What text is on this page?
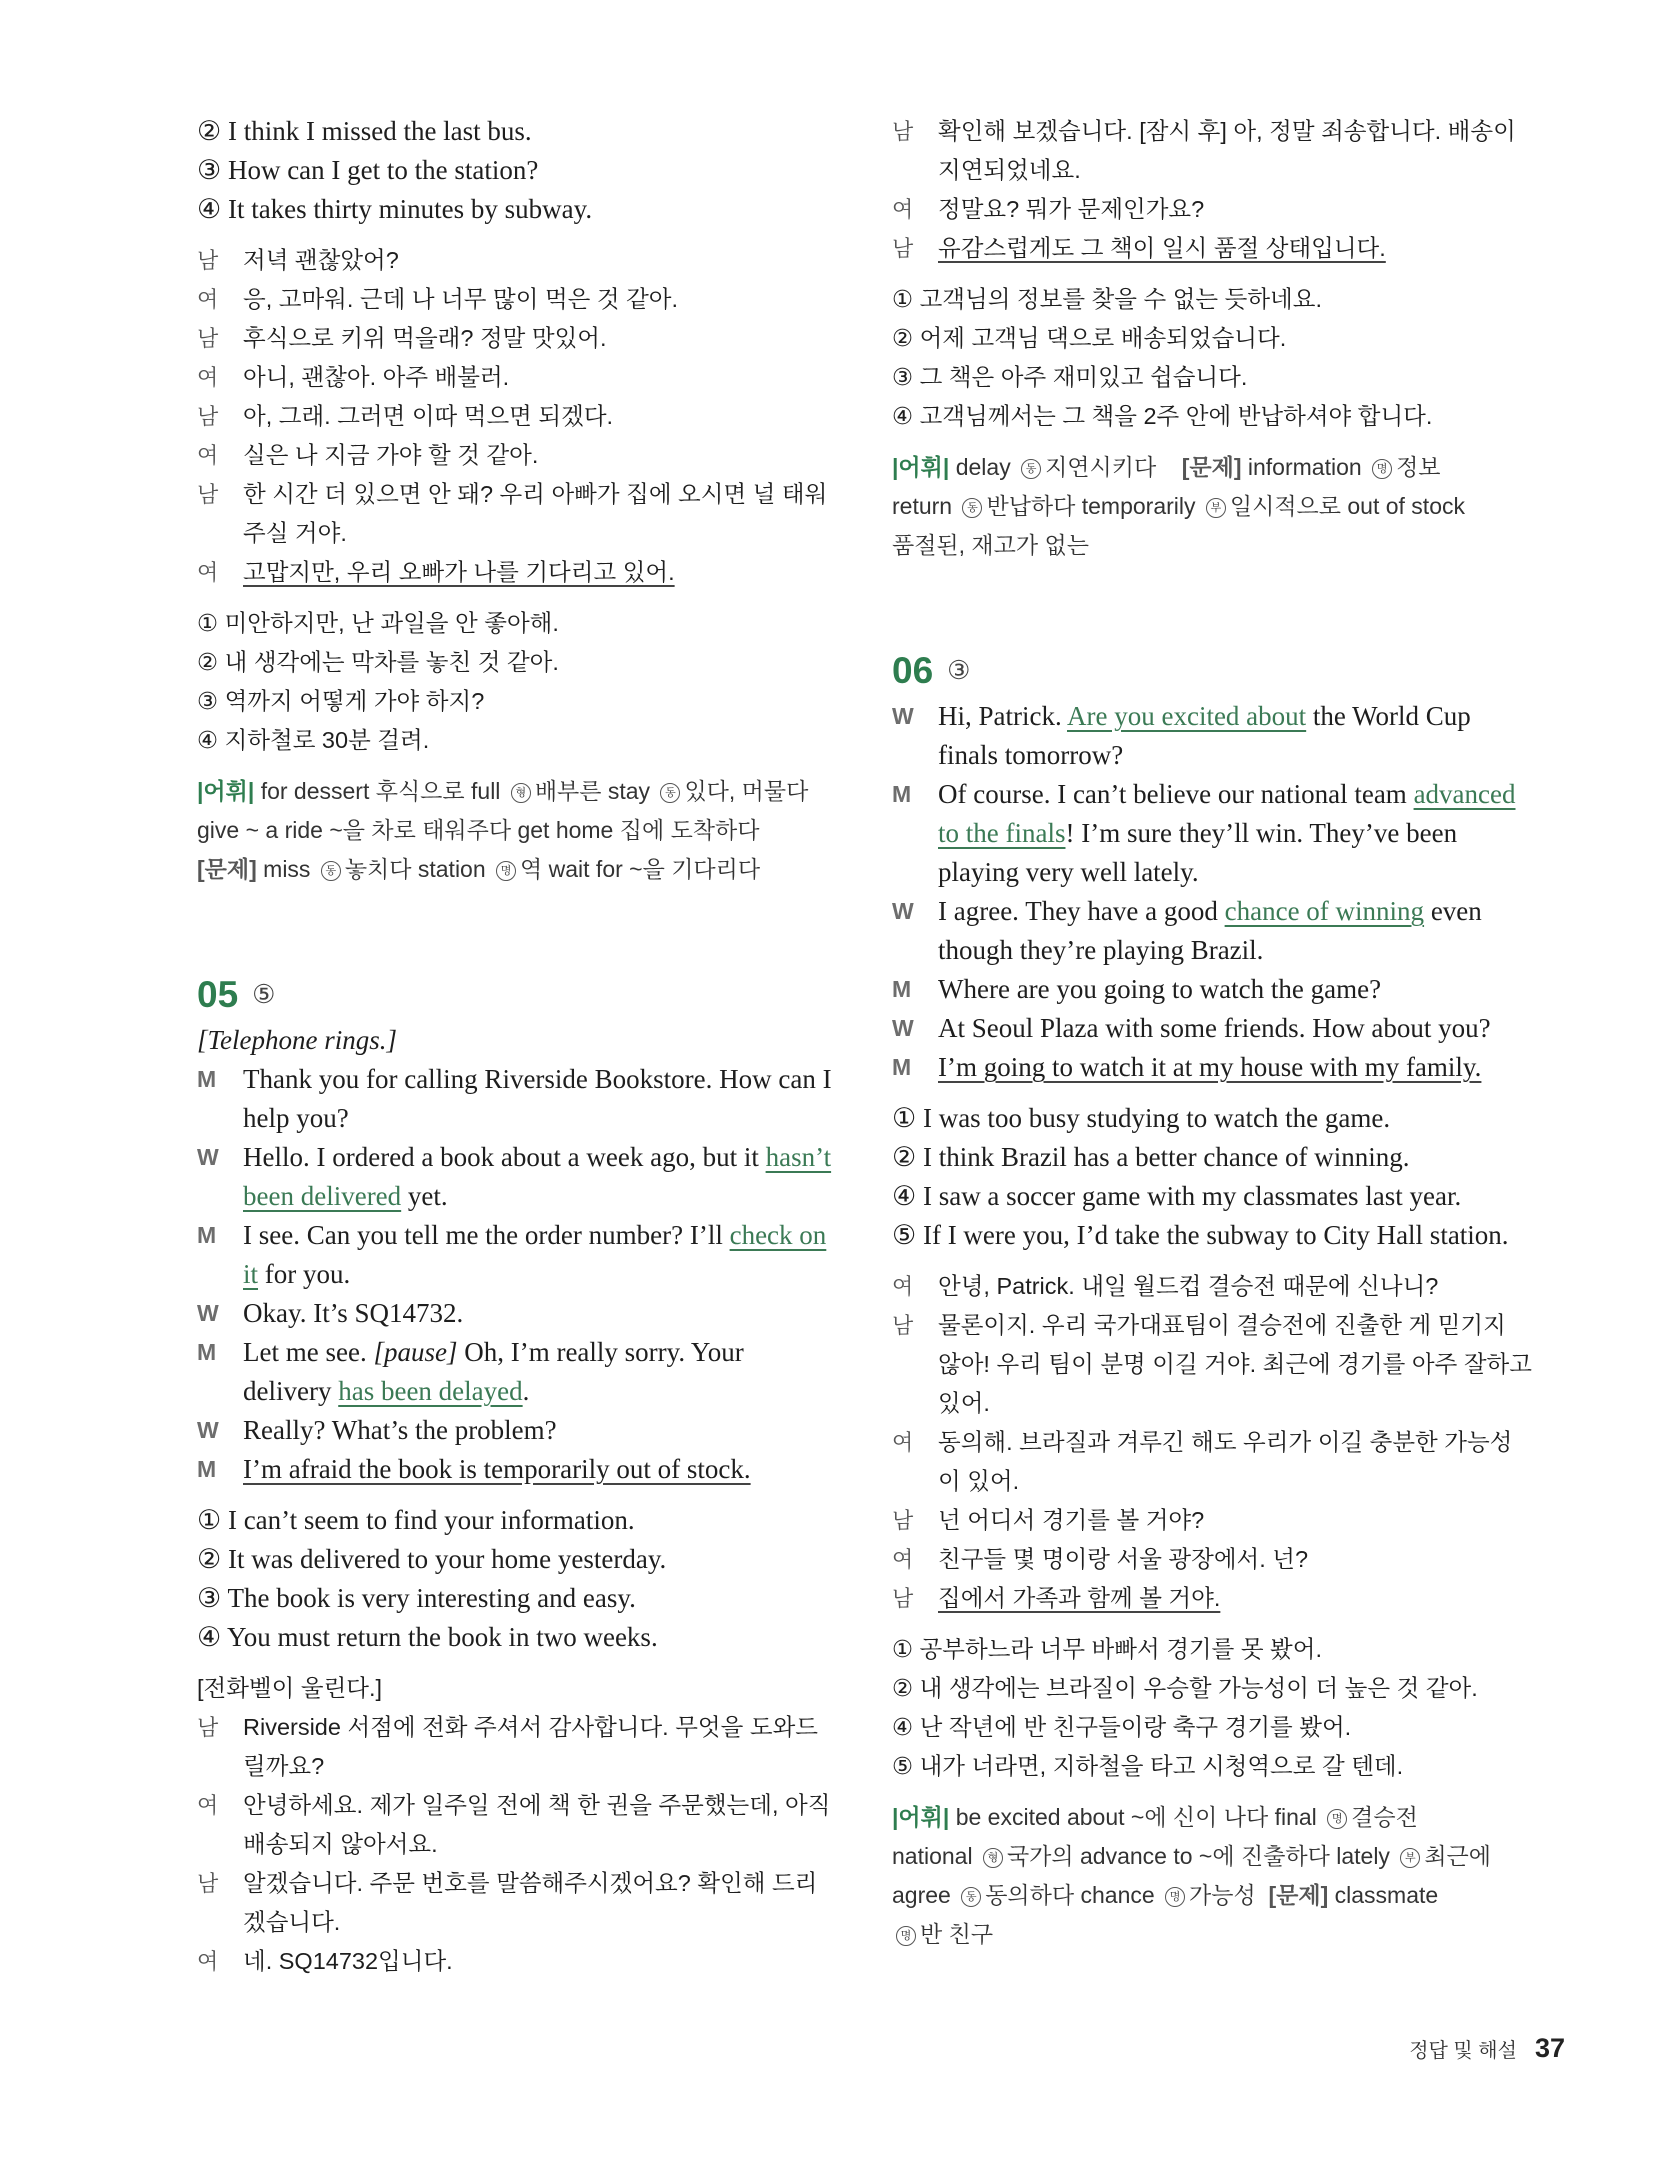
② I think I missed the last bus.
③ How can I get to the station?
④ It takes thirty minutes by subway.
남	저녁 괜찮았어?
여	응, 고마워. 근데 나 너무 많이 먹은 것 같아.
남	후식으로 키위 먹을래? 정말 맛있어.
여	아니, 괜찮아. 아주 배불러.
남	아, 그래. 그러면 이따 먹으면 되겠다.
여	실은 나 지금 가야 할 것 같아.
남	한 시간 더 있으면 안 돼? 우리 아빠가 집에 오시면 널 태워주실 거야.
여	고맙지만, 우리 오빠가 나를 기다리고 있어.
① 미안하지만, 난 과일을 안 좋아해.
② 내 생각에는 막차를 놓친 것 같아.
③ 역까지 어떻게 가야 하지?
④ 지하철로 30분 걸려.
|어휘| for dessert 후식으로 full 형 배부른 stay 동 있다, 머물다
give ~ a ride ~을 차로 태워주다 get home 집에 도착하다
[문제] miss 동 놓치다 station 명 역 wait for ~을 기다리다
05 ⑤
[Telephone rings.]
M Thank you for calling Riverside Bookstore. How can I help you?
W Hello. I ordered a book about a week ago, but it hasn’t been delivered yet.
M I see. Can you tell me the order number? I’ll check on it for you.
W Okay. It’s SQ14732.
M Let me see. [pause] Oh, I’m really sorry. Your delivery has been delayed.
W Really? What’s the problem?
M I’m afraid the book is temporarily out of stock.
① I can’t seem to find your information.
② It was delivered to your home yesterday.
③ The book is very interesting and easy.
④ You must return the book in two weeks.
[전화벨이 울린다.]
남	Riverside 서점에 전화 주셔서 감사합니다. 무엇을 도와드릴까요?
여	안녕하세요. 제가 일주일 전에 책 한 권을 주문했는데, 아직 배송되지 않아서요.
남	알겠습니다. 주문 번호를 말씀해주시겠어요? 확인해 드리겠습니다.
여	네. SQ14732입니다.
남	확인해 보겠습니다. [잠시 후] 아, 정말 죄송합니다. 배송이 지연되었네요.
여	정말요? 뭐가 문제인가요?
남	유감스럽게도 그 책이 일시 품절 상태입니다.
① 고객님의 정보를 찾을 수 없는 듯하네요.
② 어제 고객님 댁으로 배송되었습니다.
③ 그 책은 아주 재미있고 쉽습니다.
④ 고객님께서는 그 책을 2주 안에 반납하셔야 합니다.
|어휘| delay 동 지연시키다 [문제] information 명 정보
return 동 반납하다 temporarily 부 일시적으로 out of stock
품절된, 재고가 없는
06 ③
W Hi, Patrick. Are you excited about the World Cup finals tomorrow?
M Of course. I can’t believe our national team advanced to the finals! I’m sure they’ll win. They’ve been playing very well lately.
W I agree. They have a good chance of winning even though they’re playing Brazil.
M Where are you going to watch the game?
W At Seoul Plaza with some friends. How about you?
M I’m going to watch it at my house with my family.
① I was too busy studying to watch the game.
② I think Brazil has a better chance of winning.
④ I saw a soccer game with my classmates last year.
⑤ If I were you, I’d take the subway to City Hall station.
여	안녕, Patrick. 내일 월드컵 결승전 때문에 신나니?
남	물론이지. 우리 국가대표팀이 결승전에 진출한 게 믿기지 않아! 우리 팀이 분명 이길 거야. 최근에 경기를 아주 잘하고 있어.
여	동의해. 브라질과 겨루긴 해도 우리가 이길 충분한 가능성이 있어.
남	넌 어디서 경기를 볼 거야?
여	친구들 몇 명이랑 서울 광장에서. 넌?
남	집에서 가족과 함께 볼 거야.
① 공부하느라 너무 바빠서 경기를 못 봤어.
② 내 생각에는 브라질이 우승할 가능성이 더 높은 것 같아.
④ 난 작년에 반 친구들이랑 축구 경기를 봤어.
⑤ 내가 너라면, 지하철을 타고 시청역으로 갈 텐데.
|어휘| be excited about ~에 신이 나다 final 명 결승전
national 형 국가의 advance to ~에 진출하다 lately 부 최근에 agree 동 동의하다 chance 명 가능성 [문제] classmate
명 반 친구
정답 및 해설 37
